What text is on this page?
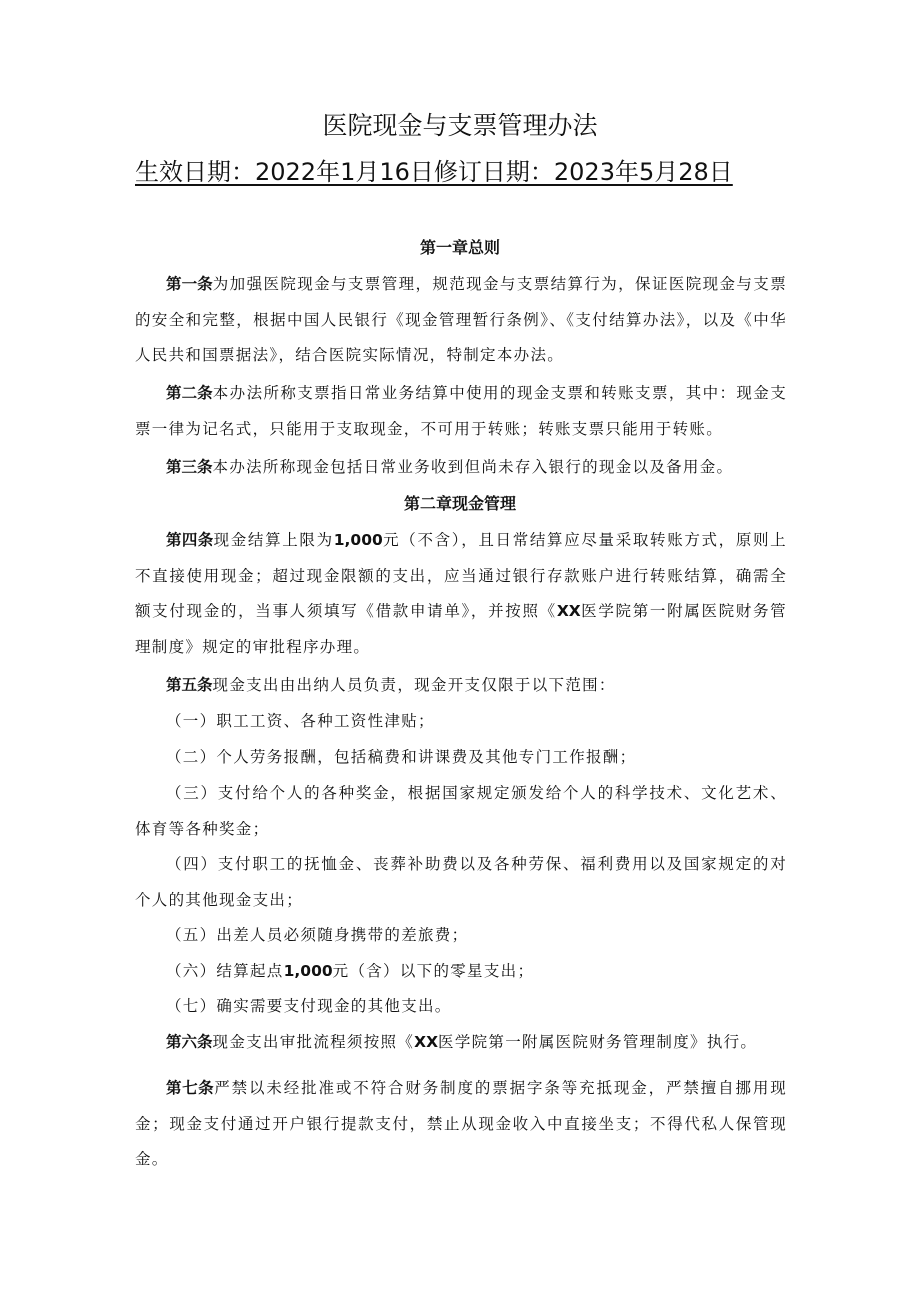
医院现金与支票管理办法
生效日期：2022年1月16日修订日期：2023年5月28日
第一章总则
第一条为加强医院现金与支票管理，规范现金与支票结算行为，保证医院现金与支票的安全和完整，根据中国人民银行《现金管理暂行条例》、《支付结算办法》，以及《中华人民共和国票据法》，结合医院实际情况，特制定本办法。
第二条本办法所称支票指日常业务结算中使用的现金支票和转账支票，其中：现金支票一律为记名式，只能用于支取现金，不可用于转账；转账支票只能用于转账。
第三条本办法所称现金包括日常业务收到但尚未存入银行的现金以及备用金。
第二章现金管理
第四条现金结算上限为1,000元（不含），且日常结算应尽量采取转账方式，原则上不直接使用现金；超过现金限额的支出，应当通过银行存款账户进行转账结算，确需全额支付现金的，当事人须填写《借款申请单》，并按照《XX医学院第一附属医院财务管理制度》规定的审批程序办理。
第五条现金支出由出纳人员负责，现金开支仅限于以下范围：
（一）职工工资、各种工资性津贴；
（二）个人劳务报酬，包括稿费和讲课费及其他专门工作报酬；
（三）支付给个人的各种奖金，根据国家规定颁发给个人的科学技术、文化艺术、体育等各种奖金；
（四）支付职工的抚恤金、丧葬补助费以及各种劳保、福利费用以及国家规定的对个人的其他现金支出；
（五）出差人员必须随身携带的差旅费；
（六）结算起点1,000元（含）以下的零星支出；
（七）确实需要支付现金的其他支出。
第六条现金支出审批流程须按照《XX医学院第一附属医院财务管理制度》执行。
第七条严禁以未经批准或不符合财务制度的票据字条等充抵现金，严禁擅自挪用现金；现金支付通过开户银行提款支付，禁止从现金收入中直接坐支；不得代私人保管现金。
